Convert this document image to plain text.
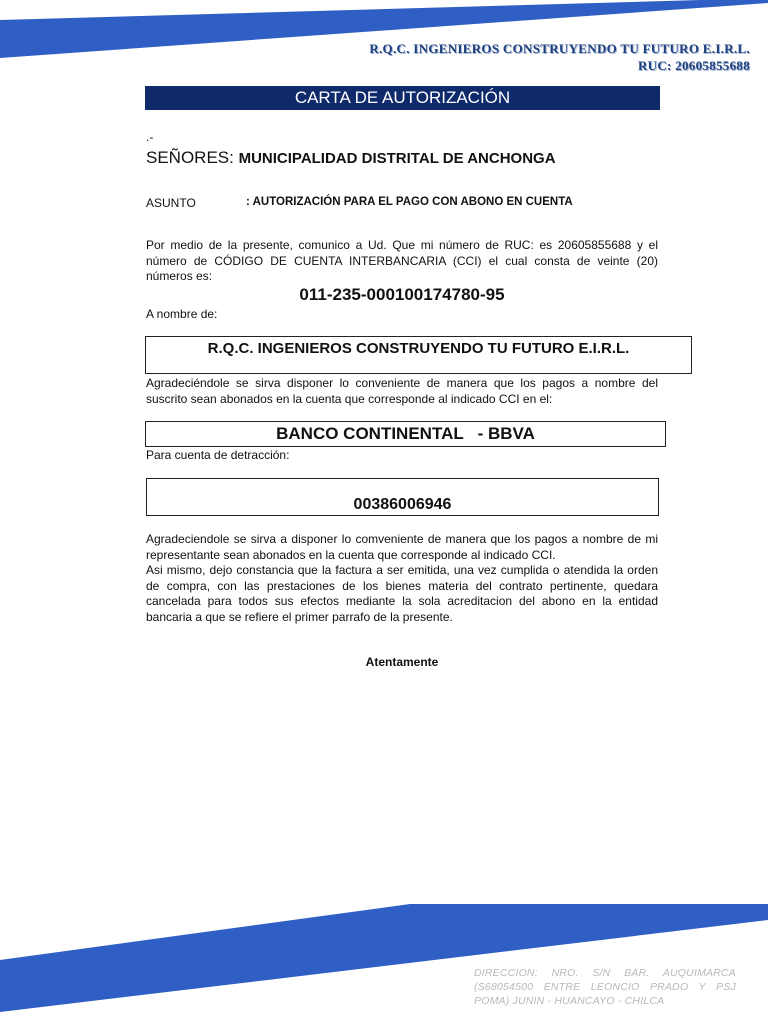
R.Q.C. INGENIEROS CONSTRUYENDO TU FUTURO E.I.R.L.
RUC: 20605855688
CARTA DE AUTORIZACIÓN
.-
SEÑORES: MUNICIPALIDAD DISTRITAL DE ANCHONGA
ASUNTO	: AUTORIZACIÓN PARA EL PAGO CON ABONO EN CUENTA
Por medio de la presente, comunico a Ud. Que mi número de RUC: es 20605855688 y el número de CÓDIGO DE CUENTA INTERBANCARIA (CCI) el cual consta de veinte (20) números es:
011-235-000100174780-95
A nombre de:
R.Q.C. INGENIEROS CONSTRUYENDO TU FUTURO E.I.R.L.
Agradeciéndole se sirva disponer lo conveniente de manera que los pagos a nombre del suscrito sean abonados en la cuenta que corresponde al indicado CCI en el:
BANCO CONTINENTAL   - BBVA
Para cuenta de detracción:
00386006946
Agradeciendole se sirva a disponer lo comveniente de manera que los pagos a nombre de mi representante sean abonados en la cuenta que corresponde al indicado CCI.
Asi mismo, dejo constancia que la factura a ser emitida, una vez cumplida o atendida la orden de compra, con las prestaciones de los bienes materia del contrato pertinente, quedara cancelada para todos sus efectos mediante la sola acreditacion del abono en la entidad bancaria a que se refiere el primer parrafo de la presente.
Atentamente
DIRECCION: NRO. S/N BAR. AUQUIMARCA (S68054500 ENTRE LEONCIO PRADO Y PSJ POMA) JUNIN - HUANCAYO - CHILCA
